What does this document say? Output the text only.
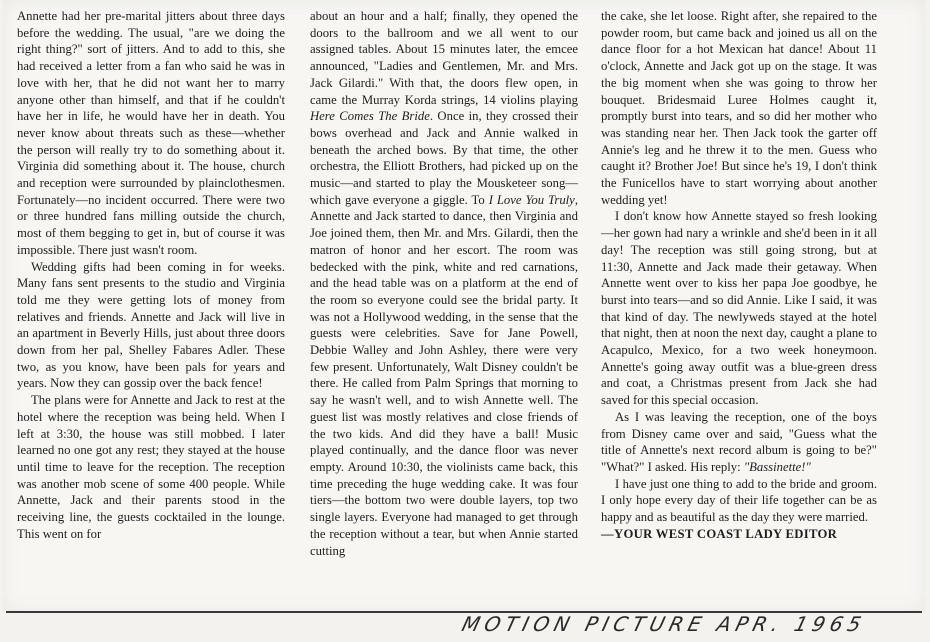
Annette had her pre-marital jitters about three days before the wedding. The usual, "are we doing the right thing?" sort of jitters. And to add to this, she had received a letter from a fan who said he was in love with her, that he did not want her to marry anyone other than himself, and that if he couldn't have her in life, he would have her in death. You never know about threats such as these—whether the person will really try to do something about it. Virginia did something about it. The house, church and reception were surrounded by plainclothesmen. Fortunately—no incident occurred. There were two or three hundred fans milling outside the church, most of them begging to get in, but of course it was impossible. There just wasn't room.

Wedding gifts had been coming in for weeks. Many fans sent presents to the studio and Virginia told me they were getting lots of money from relatives and friends. Annette and Jack will live in an apartment in Beverly Hills, just about three doors down from her pal, Shelley Fabares Adler. These two, as you know, have been pals for years and years. Now they can gossip over the back fence!

The plans were for Annette and Jack to rest at the hotel where the reception was being held. When I left at 3:30, the house was still mobbed. I later learned no one got any rest; they stayed at the house until time to leave for the reception. The reception was another mob scene of some 400 people. While Annette, Jack and their parents stood in the receiving line, the guests cocktailed in the lounge. This went on for

about an hour and a half; finally, they opened the doors to the ballroom and we all went to our assigned tables. About 15 minutes later, the emcee announced, "Ladies and Gentlemen, Mr. and Mrs. Jack Gilardi." With that, the doors flew open, in came the Murray Korda strings, 14 violins playing Here Comes The Bride. Once in, they crossed their bows overhead and Jack and Annie walked in beneath the arched bows. By that time, the other orchestra, the Elliott Brothers, had picked up on the music—and started to play the Mousketeer song—which gave everyone a giggle. To I Love You Truly, Annette and Jack started to dance, then Virginia and Joe joined them, then Mr. and Mrs. Gilardi, then the matron of honor and her escort. The room was bedecked with the pink, white and red carnations, and the head table was on a platform at the end of the room so everyone could see the bridal party. It was not a Hollywood wedding, in the sense that the guests were celebrities. Save for Jane Powell, Debbie Walley and John Ashley, there were very few present. Unfortunately, Walt Disney couldn't be there. He called from Palm Springs that morning to say he wasn't well, and to wish Annette well. The guest list was mostly relatives and close friends of the two kids. And did they have a ball! Music played continually, and the dance floor was never empty. Around 10:30, the violinists came back, this time preceding the huge wedding cake. It was four tiers—the bottom two were double layers, top two single layers. Everyone had managed to get through the reception without a tear, but when Annie started cutting

the cake, she let loose. Right after, she repaired to the powder room, but came back and joined us all on the dance floor for a hot Mexican hat dance! About 11 o'clock, Annette and Jack got up on the stage. It was the big moment when she was going to throw her bouquet. Bridesmaid Luree Holmes caught it, promptly burst into tears, and so did her mother who was standing near her. Then Jack took the garter off Annie's leg and he threw it to the men. Guess who caught it? Brother Joe! But since he's 19, I don't think the Funicellos have to start worrying about another wedding yet!

I don't know how Annette stayed so fresh looking—her gown had nary a wrinkle and she'd been in it all day! The reception was still going strong, but at 11:30, Annette and Jack made their getaway. When Annette went over to kiss her papa Joe goodbye, he burst into tears—and so did Annie. Like I said, it was that kind of day. The newlyweds stayed at the hotel that night, then at noon the next day, caught a plane to Acapulco, Mexico, for a two week honeymoon. Annette's going away outfit was a blue-green dress and coat, a Christmas present from Jack she had saved for this special occasion.

As I was leaving the reception, one of the boys from Disney came over and said, "Guess what the title of Annette's next record album is going to be?" "What?" I asked. His reply: "Bassinette!"

I have just one thing to add to the bride and groom. I only hope every day of their life together can be as happy and as beautiful as the day they were married.

—YOUR WEST COAST LADY EDITOR

MOTION PICTURE APR. 1965
